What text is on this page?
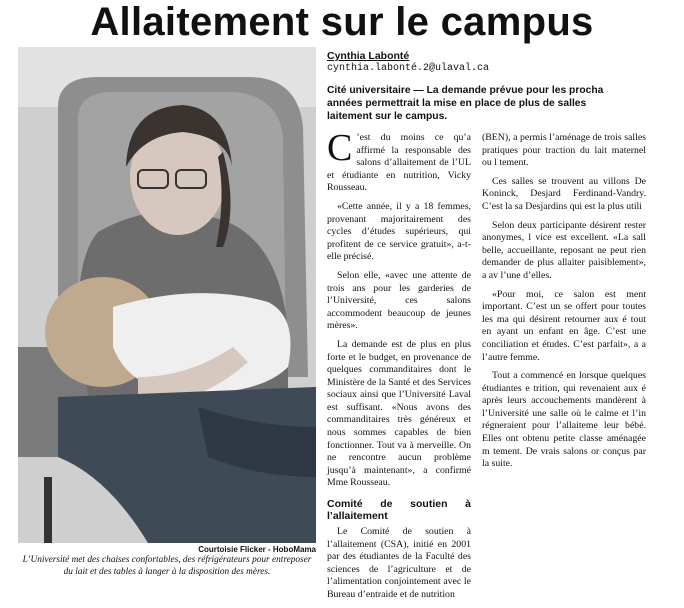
Allaitement sur le campus
Courtoisie Flicker - HoboMama
L’Université met des chaises confortables, des réfrigérateurs pour entreposer du lait et des tables à langer à la disposition des mères.
Cynthia Labonté
cynthia.labonté.2@ulaval.ca
Cité universitaire — La demande prévue pour les procha
années permettrait la mise en place de plus de salles
laitement sur le campus.

C ’est du moins ce qu’a affirmé la responsable des salons d’allaitement de l’UL et étudiante en nutrition, Vicky Rousseau.

«Cette année, il y a 18 femmes, provenant majoritairement des cycles d’études supérieurs, qui profitent de ce service gratuit», a-t-elle précisé.

Selon elle, «avec une attente de trois ans pour les garderies de l’Université, ces salons accommodent beaucoup de jeunes mères».

La demande est de plus en plus forte et le budget, en provenance de quelques commanditaires dont le Ministère de la Santé et des Services sociaux ainsi que l’Université Laval est suffisant. «Nous avons des commanditaires très généreux et nous sommes capables de bien fonctionner. Tout va à merveille. On ne rencontre aucun problème jusqu’à maintenant», a confirmé Mme Rousseau.

Comité de soutien à l’allaitement

Le Comité de soutien à l’allaitement (CSA), initié en 2001 par des étudiantes de la Faculté des sciences de l’agriculture et de l’alimentation conjointement avec le Bureau d’entraide et de nutrition

(BEN), a permis l’aménage de trois salles pratiques pour traction du lait maternel ou l tement.

Ces salles se trouvent au villons De Koninck, Desjard Ferdinand-Vandry. C’est la sa Desjardins qui est la plus utili

Selon deux participante désirent rester anonymes, l vice est excellent. «La sall belle, accueillante, reposant ne peut rien demander de plus allaiter paisiblement», a av l’une d’elles.

«Pour moi, ce salon est ment important. C’est un se offert pour toutes les ma qui désirent retourner aux é tout en ayant un enfant en âge. C’est une conciliation et études. C’est parfait», a a l’autre femme.

Tout a commencé en lorsque quelques étudiantes e trition, qui revenaient aux é après leurs accouchements mandèrent à l’Université une salle où le calme et l’in régneraient pour l’allaiteme leur bébé. Elles ont obtenu petite classe aménagée m tement. De vrais salons or conçus par la suite.
